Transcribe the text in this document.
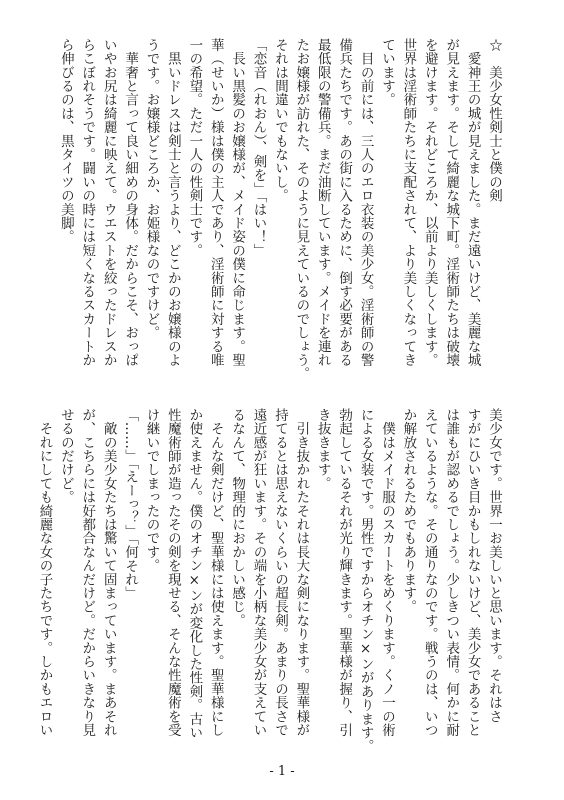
☆　美少女性剣士と僕の剣
　愛神王の城が見えました。まだ遠いけど、美麗な城
が見えます。そして綺麗な城下町。淫術師たちは破壊
を避けます。それどころか、以前より美しくします。
世界は淫術師たちに支配されて、より美しくなってき
ています。
　目の前には、三人のエロ衣装の美少女。淫術師の警
備兵たちです。あの街に入るために、倒す必要がある
最低限の警備兵。まだ油断しています。メイドを連れ
たお嬢様が訪れた、そのように見えているのでしょう。
それは間違いでもないし。
「恋音（れおん）、剣を」「はい！」
　長い黒髪のお嬢様が、メイド姿の僕に命じます。聖
華（せいか）様は僕の主人であり、淫術師に対する唯
一の希望。ただ一人の性剣士です。
　黒いドレスは剣士と言うより、どこかのお嬢様のよ
うです。お嬢様どころか、お姫様なのですけど。
　華奢と言って良い細めの身体。だからこそ、おっぱ
いやお尻は綺麗に映えて。ウエストを絞ったドレスか
らこぼれそうです。闘いの時には短くなるスカートか
ら伸びるのは、黒タイツの美脚。
美少女です。世界一お美しいと思います。それはさ
すがにひいき目かもしれないけど、美少女であること
は誰もが認めるでしょう。少しきつい表情。何かに耐
えているような。その通りなのです。戦うのは、いつ
か解放されるためでもあります。
　僕はメイド服のスカートをめくります。くノ一の術
による女装です。男性ですからオチン×ンがあります。
勃起しているそれが光り輝きます。聖華様が握り、引
き抜きます。
　引き抜かれたそれは長大な剣になります。聖華様が
持てるとは思えないくらいの超長剣。あまりの長さで
遠近感が狂います。その端を小柄な美少女が支えてい
るなんて、物理的におかしい感じ。
　そんな剣だけど、聖華様には使えます。聖華様にし
か使えません。僕のオチン×ンが変化した性剣。古い
性魔術師が造ったその剣を現せる、そんな性魔術を受
け継いでしまったのです。
「……」「えーっ？」「何それ」
　敵の美少女たちは驚いて固まっています。まあそれ
が、こちらには好都合なんだけど。だからいきなり見
せるのだけど。
　それにしても綺麗な女の子たちです。しかもエロい
- 1 -
